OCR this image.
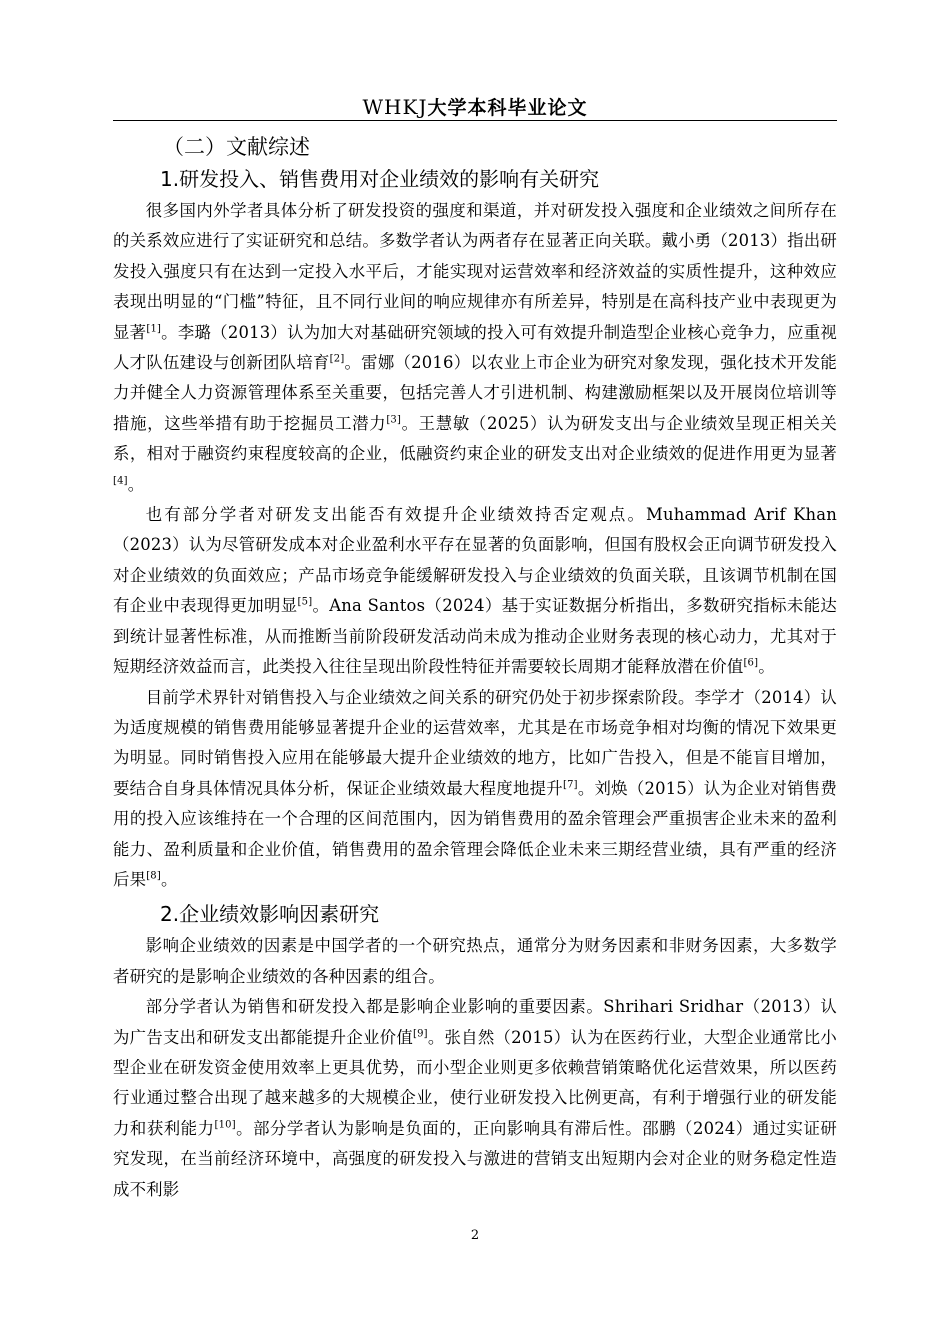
WHKJ大学本科毕业论文
（二）文献综述
1.研发投入、销售费用对企业绩效的影响有关研究

很多国内外学者具体分析了研发投资的强度和渠道，并对研发投入强度和企业绩效之间所存在的关系效应进行了实证研究和总结。多数学者认为两者存在显著正向关联。戴小勇（2013）指出研发投入强度只有在达到一定投入水平后，才能实现对运营效率和经济效益的实质性提升，这种效应表现出明显的“门槛”特征，且不同行业间的响应规律亦有所差异，特别是在高科技产业中表现更为显著[1]。李璐（2013）认为加大对基础研究领域的投入可有效提升制造型企业核心竞争力，应重视人才队伍建设与创新团队培育[2]。雷娜（2016）以农业上市企业为研究对象发现，强化技术开发能力并健全人力资源管理体系至关重要，包括完善人才引进机制、构建激励框架以及开展岗位培训等措施，这些举措有助于挖掘员工潜力[3]。王慧敏（2025）认为研发支出与企业绩效呈现正相关关系，相对于融资约束程度较高的企业，低融资约束企业的研发支出对企业绩效的促进作用更为显著[4]。

也有部分学者对研发支出能否有效提升企业绩效持否定观点。Muhammad Arif Khan（2023）认为尽管研发成本对企业盈利水平存在显著的负面影响，但国有股权会正向调节研发投入对企业绩效的负面效应；产品市场竞争能缓解研发投入与企业绩效的负面关联，且该调节机制在国有企业中表现得更加明显[5]。Ana Santos（2024）基于实证数据分析指出，多数研究指标未能达到统计显著性标准，从而推断当前阶段研发活动尚未成为推动企业财务表现的核心动力，尤其对于短期经济效益而言，此类投入往往呈现出阶段性特征并需要较长周期才能释放潜在价值[6]。

目前学术界针对销售投入与企业绩效之间关系的研究仍处于初步探索阶段。李学才（2014）认为适度规模的销售费用能够显著提升企业的运营效率，尤其是在市场竞争相对均衡的情况下效果更为明显。同时销售投入应用在能够最大提升企业绩效的地方，比如广告投入，但是不能盲目增加，要结合自身具体情况具体分析，保证企业绩效最大程度地提升[7]。刘焕（2015）认为企业对销售费用的投入应该维持在一个合理的区间范围内，因为销售费用的盈余管理会严重损害企业未来的盈利能力、盈利质量和企业价值，销售费用的盈余管理会降低企业未来三期经营业绩，具有严重的经济后果[8]。

2.企业绩效影响因素研究

影响企业绩效的因素是中国学者的一个研究热点，通常分为财务因素和非财务因素，大多数学者研究的是影响企业绩效的各种因素的组合。

部分学者认为销售和研发投入都是影响企业影响的重要因素。Shrihari Sridhar（2013）认为广告支出和研发支出都能提升企业价值[9]。张自然（2015）认为在医药行业，大型企业通常比小型企业在研发资金使用效率上更具优势，而小型企业则更多依赖营销策略优化运营效果，所以医药行业通过整合出现了越来越多的大规模企业，使行业研发投入比例更高，有利于增强行业的研发能力和获利能力[10]。部分学者认为影响是负面的，正向影响具有滞后性。邵鹏（2024）通过实证研究发现，在当前经济环境中，高强度的研发投入与激进的营销支出短期内会对企业的财务稳定性造成不利影

2
